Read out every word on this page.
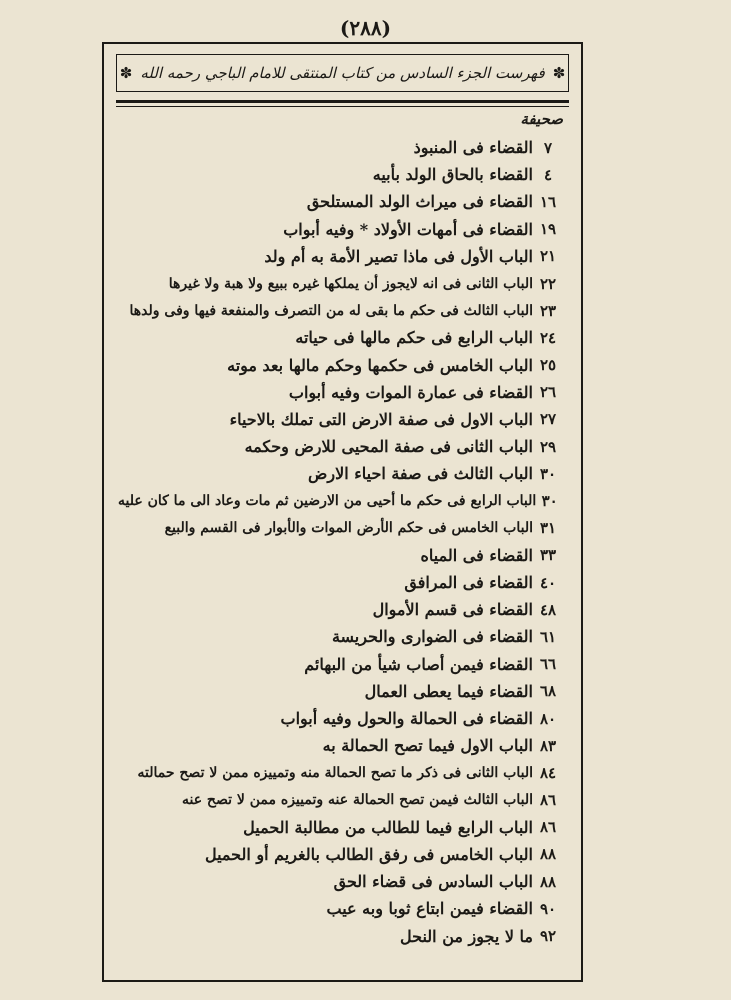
(٢٨٨)
✽
فهرست الجزء السادس من كتاب المنتقى للامام الباجي رحمه الله
✽
صحيفة
٧
القضاء فى المنبوذ
٤
القضاء بالحاق الولد بأبيه
١٦
القضاء فى ميراث الولد المستلحق
١٩
القضاء فى أمهات الأولاد * وفيه أبواب
٢١
الباب الأول فى ماذا تصير الأمة به أم ولد
٢٢
الباب الثانى فى انه لايجوز أن يملكها غيره ببيع ولا هبة ولا غيرها
٢٣
الباب الثالث فى حكم ما بقى له من التصرف والمنفعة فيها وفى ولدها
٢٤
الباب الرابع فى حكم مالها فى حياته
٢٥
الباب الخامس فى حكمها وحكم مالها بعد موته
٢٦
القضاء فى عمارة الموات وفيه أبواب
٢٧
الباب الاول فى صفة الارض التى تملك بالاحياء
٢٩
الباب الثانى فى صفة المحيى للارض وحكمه
٣٠
الباب الثالث فى صفة احياء الارض
٣٠
الباب الرابع فى حكم ما أحيى من الارضين ثم مات وعاد الى ما كان عليه
٣١
الباب الخامس فى حكم الأرض الموات والأبوار فى القسم والبيع
٣٣
القضاء فى المياه
٤٠
القضاء فى المرافق
٤٨
القضاء فى قسم الأموال
٦١
القضاء فى الضوارى والحريسة
٦٦
القضاء فيمن أصاب شيأ من البهائم
٦٨
القضاء فيما يعطى العمال
٨٠
القضاء فى الحمالة والحول وفيه أبواب
٨٣
الباب الاول فيما تصح الحمالة به
٨٤
الباب الثانى فى ذكر ما تصح الحمالة منه وتمييزه ممن لا تصح حمالته
٨٦
الباب الثالث فيمن تصح الحمالة عنه وتمييزه ممن لا تصح عنه
٨٦
الباب الرابع فيما للطالب من مطالبة الحميل
٨٨
الباب الخامس فى رفق الطالب بالغريم أو الحميل
٨٨
الباب السادس فى قضاء الحق
٩٠
القضاء فيمن ابتاع ثوبا وبه عيب
٩٢
ما لا يجوز من النحل
